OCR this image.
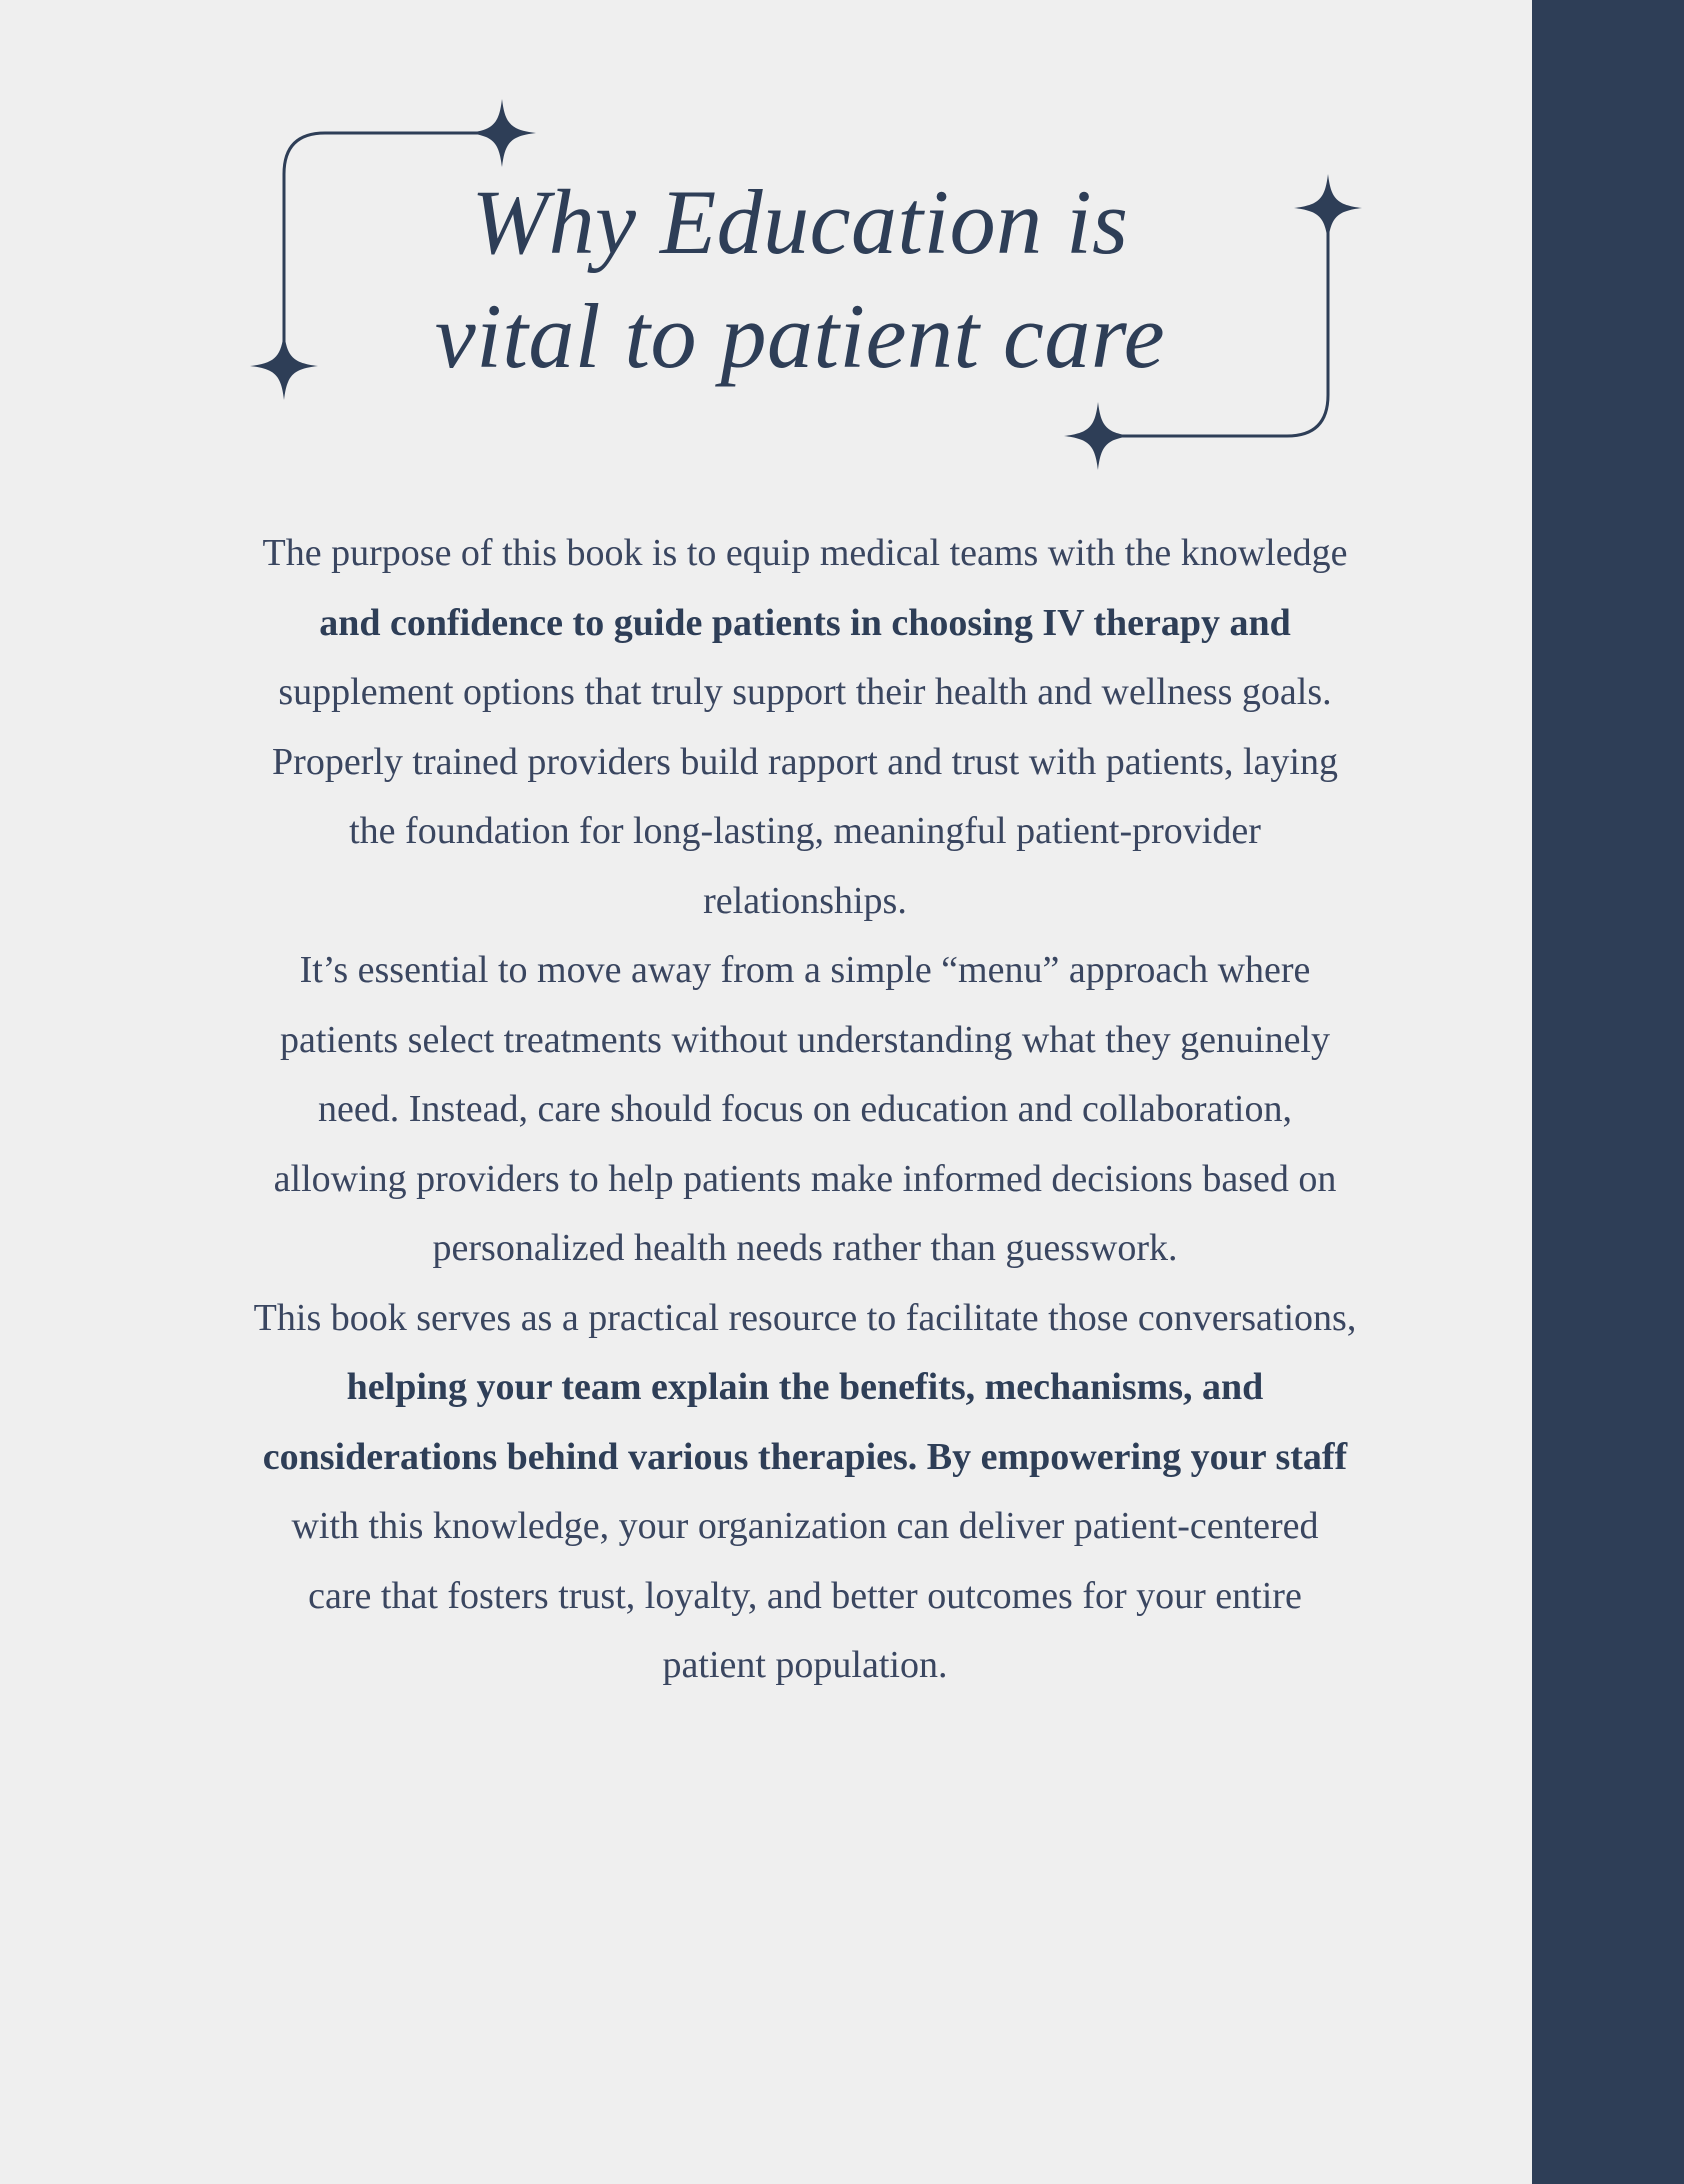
Why Education is
vital to patient care
The purpose of this book is to equip medical teams with the knowledge
and confidence to guide patients in choosing IV therapy and
supplement options that truly support their health and wellness goals.
Properly trained providers build rapport and trust with patients, laying
the foundation for long-lasting, meaningful patient-provider
relationships.
It’s essential to move away from a simple “menu” approach where
patients select treatments without understanding what they genuinely
need. Instead, care should focus on education and collaboration,
allowing providers to help patients make informed decisions based on
personalized health needs rather than guesswork.
This book serves as a practical resource to facilitate those conversations,
helping your team explain the benefits, mechanisms, and
considerations behind various therapies. By empowering your staff
with this knowledge, your organization can deliver patient-centered
care that fosters trust, loyalty, and better outcomes for your entire
patient population.
